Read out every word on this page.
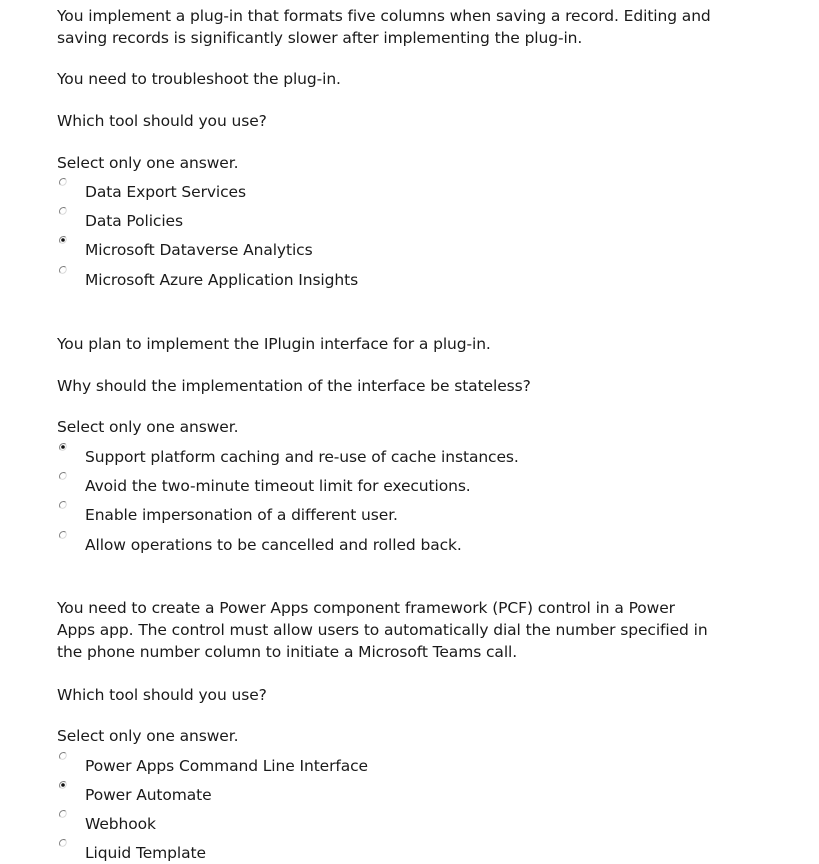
You implement a plug-in that formats five columns when saving a record. Editing and saving records is significantly slower after implementing the plug-in.

You need to troubleshoot the plug-in.

Which tool should you use?

Select only one answer.

Data Export Services
Data Policies
Microsoft Dataverse Analytics
Microsoft Azure Application Insights

You plan to implement the IPlugin interface for a plug-in.

Why should the implementation of the interface be stateless?

Select only one answer.

Support platform caching and re-use of cache instances.
Avoid the two-minute timeout limit for executions.
Enable impersonation of a different user.
Allow operations to be cancelled and rolled back.

You need to create a Power Apps component framework (PCF) control in a Power Apps app. The control must allow users to automatically dial the number specified in the phone number column to initiate a Microsoft Teams call.

Which tool should you use?

Select only one answer.

Power Apps Command Line Interface
Power Automate
Webhook
Liquid Template
